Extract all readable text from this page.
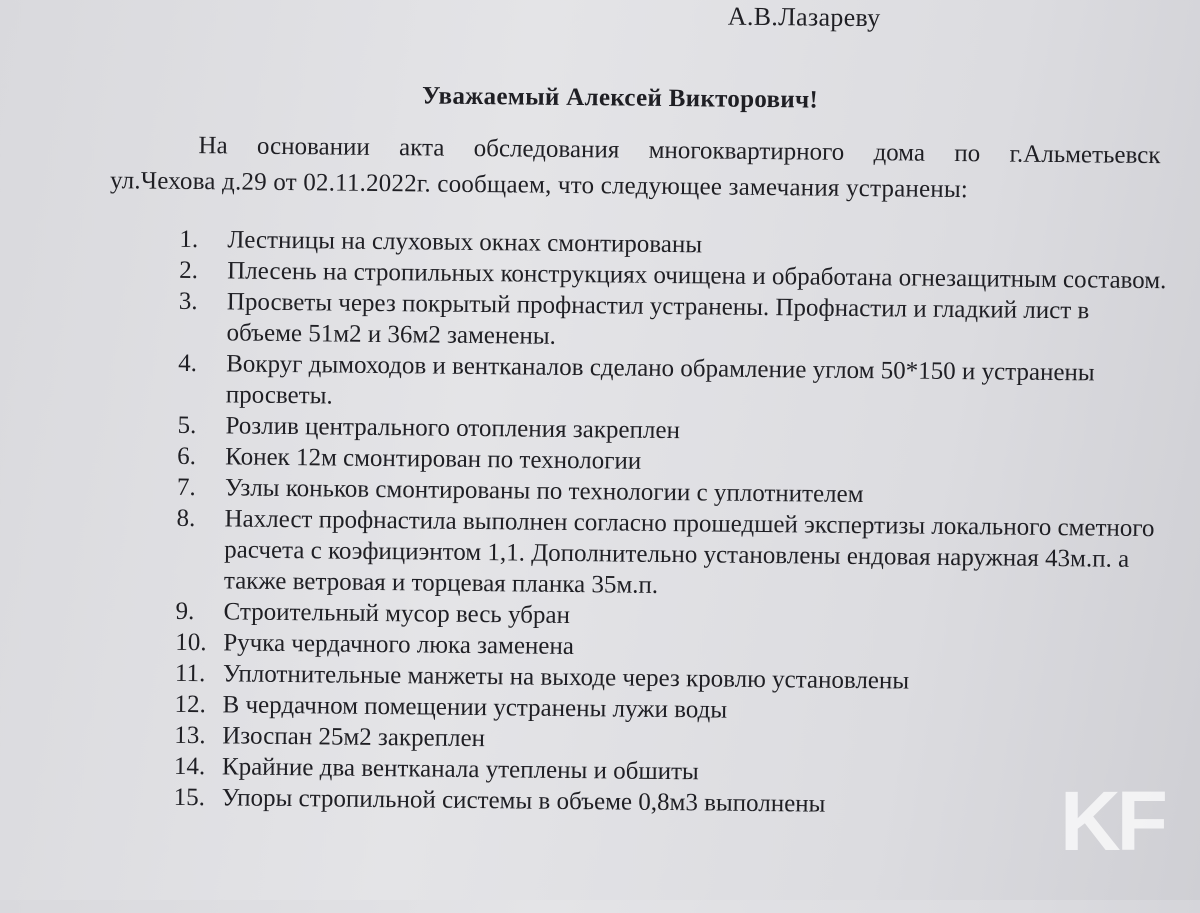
А.В.Лазареву
Уважаемый Алексей Викторович!
На основании акта обследования многоквартирного дома по г.Альметьевск
ул.Чехова д.29 от 02.11.2022г. сообщаем, что следующее замечания устранены:
1.	Лестницы на слуховых окнах смонтированы
2.	Плесень на стропильных конструкциях очищена и обработана огнезащитным составом.
3.	Просветы через покрытый профнастил устранены. Профнастил и гладкий лист в объеме 51м2 и 36м2 заменены.
4.	Вокруг дымоходов и вентканалов сделано обрамление углом 50*150 и устранены просветы.
5.	Розлив центрального отопления закреплен
6.	Конек 12м смонтирован по технологии
7.	Узлы коньков смонтированы по технологии с уплотнителем
8.	Нахлест профнастила выполнен согласно прошедшей экспертизы локального сметного расчета с коэфициэнтом 1,1. Дополнительно установлены ендовая наружная 43м.п. а также ветровая и торцевая планка 35м.п.
9.	Строительный мусор весь убран
10. Ручка чердачного люка заменена
11. Уплотнительные манжеты на выходе через кровлю установлены
12. В чердачном помещении устранены лужи воды
13. Изоспан 25м2 закреплен
14. Крайние два вентканала утеплены и обшиты
15. Упоры стропильной системы в объеме 0,8м3 выполнены	KF
